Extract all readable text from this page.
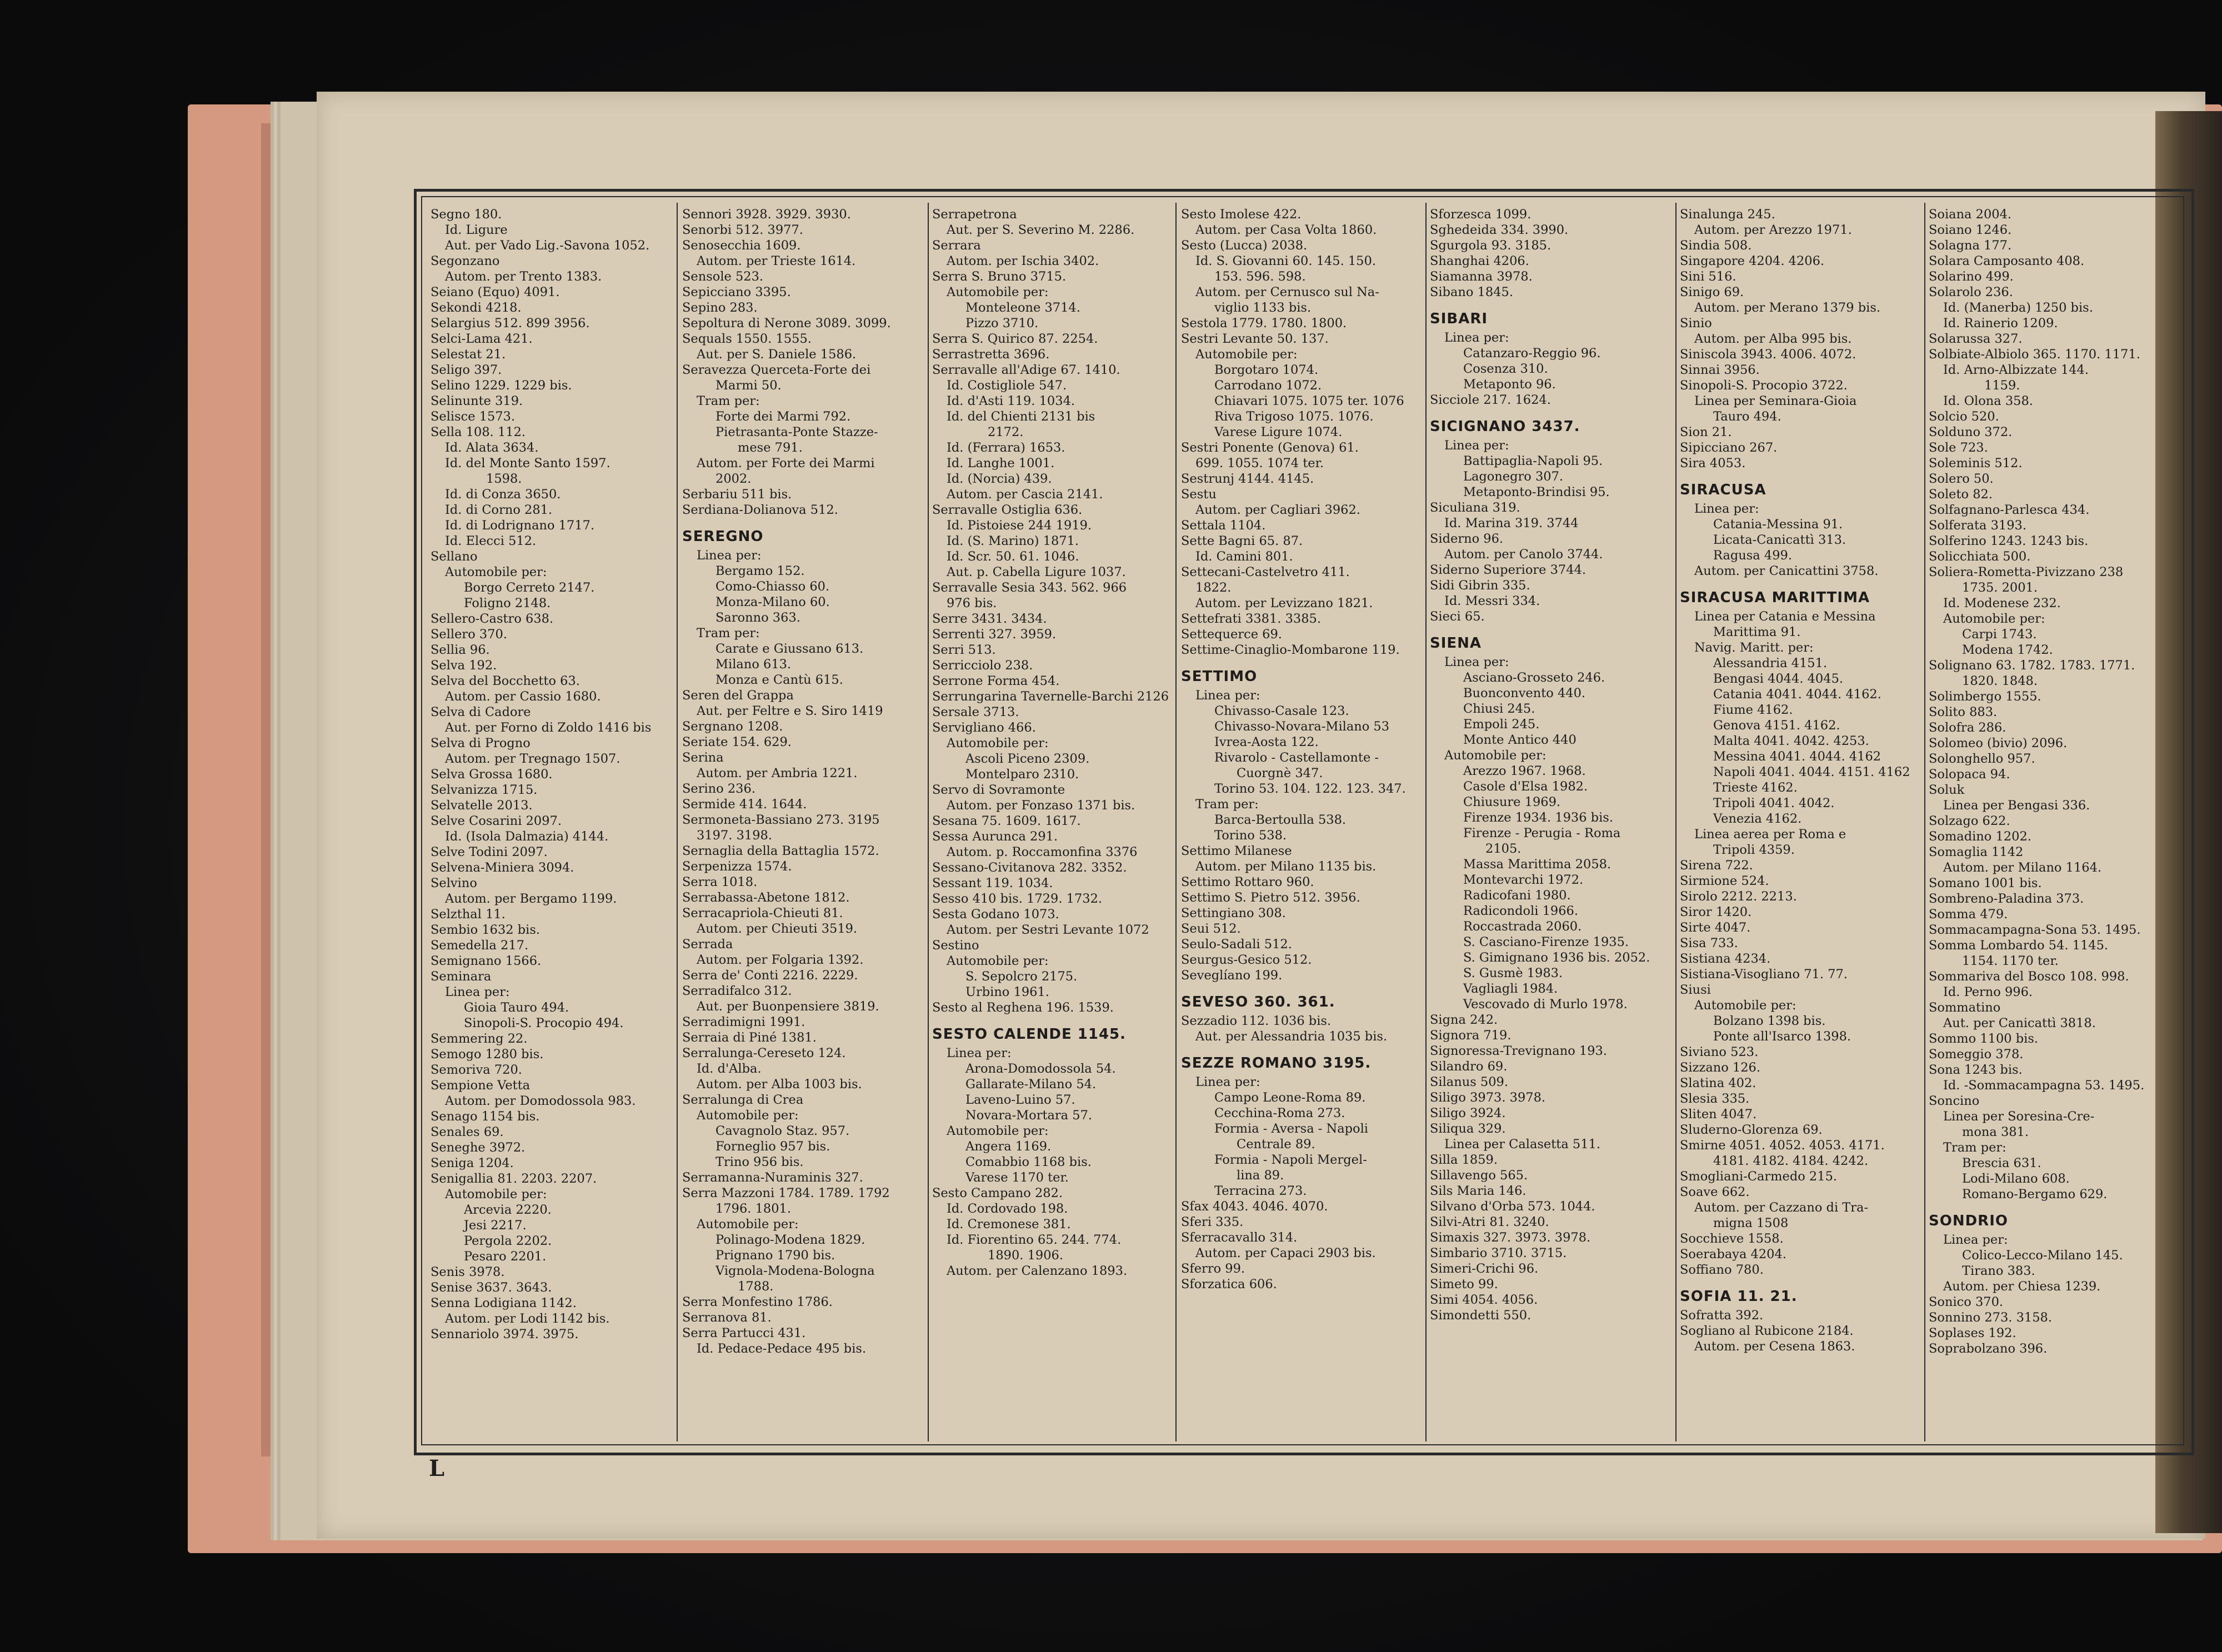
Segno 180.
Id. Ligure
Aut. per Vado Lig.-Savona 1052.
Segonzano
Autom. per Trento 1383.
Seiano (Equo) 4091.
Sekondi 4218.
Selargius 512. 899 3956.
Selci-Lama 421.
Selestat 21.
Seligo 397.
Selino 1229. 1229 bis.
Selinunte 319.
Selisce 1573.
Sella 108. 112.
Id. Alata 3634.
Id. del Monte Santo 1597.
1598.
Id. di Conza 3650.
Id. di Corno 281.
Id. di Lodrignano 1717.
Id. Elecci 512.
Sellano
Automobile per:
Borgo Cerreto 2147.
Foligno 2148.
Sellero-Castro 638.
Sellero 370.
Sellia 96.
Selva 192.
Selva del Bocchetto 63.
Autom. per Cassio 1680.
Selva di Cadore
Aut. per Forno di Zoldo 1416 bis
Selva di Progno
Autom. per Tregnago 1507.
Selva Grossa 1680.
Selvanizza 1715.
Selvatelle 2013.
Selve Cosarini 2097.
Id. (Isola Dalmazia) 4144.
Selve Todini 2097.
Selvena-Miniera 3094.
Selvino
Autom. per Bergamo 1199.
Selzthal 11.
Sembio 1632 bis.
Semedella 217.
Semignano 1566.
Seminara
Linea per:
Gioia Tauro 494.
Sinopoli-S. Procopio 494.
Semmering 22.
Semogo 1280 bis.
Semoriva 720.
Sempione Vetta
Autom. per Domodossola 983.
Senago 1154 bis.
Senales 69.
Seneghe 3972.
Seniga 1204.
Senigallia 81. 2203. 2207.
Automobile per:
Arcevia 2220.
Jesi 2217.
Pergola 2202.
Pesaro 2201.
Senis 3978.
Senise 3637. 3643.
Senna Lodigiana 1142.
Autom. per Lodi 1142 bis.
Sennariolo 3974. 3975.
Sennori 3928. 3929. 3930.
Senorbi 512. 3977.
Senosecchia 1609.
Autom. per Trieste 1614.
Sensole 523.
Sepicciano 3395.
Sepino 283.
Sepoltura di Nerone 3089. 3099.
Sequals 1550. 1555.
Aut. per S. Daniele 1586.
Seravezza Querceta-Forte dei
Marmi 50.
Tram per:
Forte dei Marmi 792.
Pietrasanta-Ponte Stazze-
mese 791.
Autom. per Forte dei Marmi
2002.
Serbariu 511 bis.
Serdiana-Dolianova 512.
SEREGNO
Linea per:
Bergamo 152.
Como-Chiasso 60.
Monza-Milano 60.
Saronno 363.
Tram per:
Carate e Giussano 613.
Milano 613.
Monza e Cantù 615.
Seren del Grappa
Aut. per Feltre e S. Siro 1419
Sergnano 1208.
Seriate 154. 629.
Serina
Autom. per Ambria 1221.
Serino 236.
Sermide 414. 1644.
Sermoneta-Bassiano 273. 3195
3197. 3198.
Sernaglia della Battaglia 1572.
Serpenizza 1574.
Serra 1018.
Serrabassa-Abetone 1812.
Serracapriola-Chieuti 81.
Autom. per Chieuti 3519.
Serrada
Autom. per Folgaria 1392.
Serra de' Conti 2216. 2229.
Serradifalco 312.
Aut. per Buonpensiere 3819.
Serradimigni 1991.
Serraia di Piné 1381.
Serralunga-Cereseto 124.
Id. d'Alba.
Autom. per Alba 1003 bis.
Serralunga di Crea
Automobile per:
Cavagnolo Staz. 957.
Forneglio 957 bis.
Trino 956 bis.
Serramanna-Nuraminis 327.
Serra Mazzoni 1784. 1789. 1792
1796. 1801.
Automobile per:
Polinago-Modena 1829.
Prignano 1790 bis.
Vignola-Modena-Bologna
1788.
Serra Monfestino 1786.
Serranova 81.
Serra Partucci 431.
Id. Pedace-Pedace 495 bis.
Serrapetrona
Aut. per S. Severino M. 2286.
Serrara
Autom. per Ischia 3402.
Serra S. Bruno 3715.
Automobile per:
Monteleone 3714.
Pizzo 3710.
Serra S. Quirico 87. 2254.
Serrastretta 3696.
Serravalle all'Adige 67. 1410.
Id. Costigliole 547.
Id. d'Asti 119. 1034.
Id. del Chienti 2131 bis
2172.
Id. (Ferrara) 1653.
Id. Langhe 1001.
Id. (Norcia) 439.
Autom. per Cascia 2141.
Serravalle Ostiglia 636.
Id. Pistoiese 244 1919.
Id. (S. Marino) 1871.
Id. Scr. 50. 61. 1046.
Aut. p. Cabella Ligure 1037.
Serravalle Sesia 343. 562. 966
976 bis.
Serre 3431. 3434.
Serrenti 327. 3959.
Serri 513.
Serricciolo 238.
Serrone Forma 454.
Serrungarina Tavernelle-Barchi 2126
Sersale 3713.
Servigliano 466.
Automobile per:
Ascoli Piceno 2309.
Montelparo 2310.
Servo di Sovramonte
Autom. per Fonzaso 1371 bis.
Sesana 75. 1609. 1617.
Sessa Aurunca 291.
Autom. p. Roccamonfina 3376
Sessano-Civitanova 282. 3352.
Sessant 119. 1034.
Sesso 410 bis. 1729. 1732.
Sesta Godano 1073.
Autom. per Sestri Levante 1072
Sestino
Automobile per:
S. Sepolcro 2175.
Urbino 1961.
Sesto al Reghena 196. 1539.
SESTO CALENDE 1145.
Linea per:
Arona-Domodossola 54.
Gallarate-Milano 54.
Laveno-Luino 57.
Novara-Mortara 57.
Automobile per:
Angera 1169.
Comabbio 1168 bis.
Varese 1170 ter.
Sesto Campano 282.
Id. Cordovado 198.
Id. Cremonese 381.
Id. Fiorentino 65. 244. 774.
1890. 1906.
Autom. per Calenzano 1893.
Sesto Imolese 422.
Autom. per Casa Volta 1860.
Sesto (Lucca) 2038.
Id. S. Giovanni 60. 145. 150.
153. 596. 598.
Autom. per Cernusco sul Na-
viglio 1133 bis.
Sestola 1779. 1780. 1800.
Sestri Levante 50. 137.
Automobile per:
Borgotaro 1074.
Carrodano 1072.
Chiavari 1075. 1075 ter. 1076
Riva Trigoso 1075. 1076.
Varese Ligure 1074.
Sestri Ponente (Genova) 61.
699. 1055. 1074 ter.
Sestrunj 4144. 4145.
Sestu
Autom. per Cagliari 3962.
Settala 1104.
Sette Bagni 65. 87.
Id. Camini 801.
Settecani-Castelvetro 411.
1822.
Autom. per Levizzano 1821.
Settefrati 3381. 3385.
Settequerce 69.
Settime-Cinaglio-Mombarone 119.
SETTIMO
Linea per:
Chivasso-Casale 123.
Chivasso-Novara-Milano 53
Ivrea-Aosta 122.
Rivarolo - Castellamonte -
Cuorgnè 347.
Torino 53. 104. 122. 123. 347.
Tram per:
Barca-Bertoulla 538.
Torino 538.
Settimo Milanese
Autom. per Milano 1135 bis.
Settimo Rottaro 960.
Settimo S. Pietro 512. 3956.
Settingiano 308.
Seui 512.
Seulo-Sadali 512.
Seurgus-Gesico 512.
Seveglíano 199.
SEVESO 360. 361.
Sezzadio 112. 1036 bis.
Aut. per Alessandria 1035 bis.
SEZZE ROMANO 3195.
Linea per:
Campo Leone-Roma 89.
Cecchina-Roma 273.
Formia - Aversa - Napoli
Centrale 89.
Formia - Napoli Mergel-
lina 89.
Terracina 273.
Sfax 4043. 4046. 4070.
Sferi 335.
Sferracavallo 314.
Autom. per Capaci 2903 bis.
Sferro 99.
Sforzatica 606.
Sforzesca 1099.
Sghedeida 334. 3990.
Sgurgola 93. 3185.
Shanghai 4206.
Siamanna 3978.
Sibano 1845.
SIBARI
Linea per:
Catanzaro-Reggio 96.
Cosenza 310.
Metaponto 96.
Sicciole 217. 1624.
SICIGNANO 3437.
Linea per:
Battipaglia-Napoli 95.
Lagonegro 307.
Metaponto-Brindisi 95.
Siculiana 319.
Id. Marina 319. 3744
Siderno 96.
Autom. per Canolo 3744.
Siderno Superiore 3744.
Sidi Gibrin 335.
Id. Messri 334.
Sieci 65.
SIENA
Linea per:
Asciano-Grosseto 246.
Buonconvento 440.
Chiusi 245.
Empoli 245.
Monte Antico 440
Automobile per:
Arezzo 1967. 1968.
Casole d'Elsa 1982.
Chiusure 1969.
Firenze 1934. 1936 bis.
Firenze - Perugia - Roma
2105.
Massa Marittima 2058.
Montevarchi 1972.
Radicofani 1980.
Radicondoli 1966.
Roccastrada 2060.
S. Casciano-Firenze 1935.
S. Gimignano 1936 bis. 2052.
S. Gusmè 1983.
Vagliagli 1984.
Vescovado di Murlo 1978.
Signa 242.
Signora 719.
Signoressa-Trevignano 193.
Silandro 69.
Silanus 509.
Siligo 3973. 3978.
Siligo 3924.
Siliqua 329.
Linea per Calasetta 511.
Silla 1859.
Sillavengo 565.
Sils Maria 146.
Silvano d'Orba 573. 1044.
Silvi-Atri 81. 3240.
Simaxis 327. 3973. 3978.
Simbario 3710. 3715.
Simeri-Crichi 96.
Simeto 99.
Simi 4054. 4056.
Simondetti 550.
Sinalunga 245.
Autom. per Arezzo 1971.
Sindia 508.
Singapore 4204. 4206.
Sini 516.
Sinigo 69.
Autom. per Merano 1379 bis.
Sinio
Autom. per Alba 995 bis.
Siniscola 3943. 4006. 4072.
Sinnai 3956.
Sinopoli-S. Procopio 3722.
Linea per Seminara-Gioia
Tauro 494.
Sion 21.
Sipicciano 267.
Sira 4053.
SIRACUSA
Linea per:
Catania-Messina 91.
Licata-Canicattì 313.
Ragusa 499.
Autom. per Canicattini 3758.
SIRACUSA MARITTIMA
Linea per Catania e Messina
Marittima 91.
Navig. Maritt. per:
Alessandria 4151.
Bengasi 4044. 4045.
Catania 4041. 4044. 4162.
Fiume 4162.
Genova 4151. 4162.
Malta 4041. 4042. 4253.
Messina 4041. 4044. 4162
Napoli 4041. 4044. 4151. 4162
Trieste 4162.
Tripoli 4041. 4042.
Venezia 4162.
Linea aerea per Roma e
Tripoli 4359.
Sirena 722.
Sirmione 524.
Sirolo 2212. 2213.
Siror 1420.
Sirte 4047.
Sisa 733.
Sistiana 4234.
Sistiana-Visogliano 71. 77.
Siusi
Automobile per:
Bolzano 1398 bis.
Ponte all'Isarco 1398.
Siviano 523.
Sizzano 126.
Slatina 402.
Slesia 335.
Sliten 4047.
Sluderno-Glorenza 69.
Smirne 4051. 4052. 4053. 4171.
4181. 4182. 4184. 4242.
Smogliani-Carmedo 215.
Soave 662.
Autom. per Cazzano di Tra-
migna 1508
Socchieve 1558.
Soerabaya 4204.
Soffiano 780.
SOFIA 11. 21.
Sofratta 392.
Sogliano al Rubicone 2184.
Autom. per Cesena 1863.
Soiana 2004.
Soiano 1246.
Solagna 177.
Solara Camposanto 408.
Solarino 499.
Solarolo 236.
Id. (Manerba) 1250 bis.
Id. Rainerio 1209.
Solarussa 327.
Solbiate-Albiolo 365. 1170. 1171.
Id. Arno-Albizzate 144.
1159.
Id. Olona 358.
Solcio 520.
Solduno 372.
Sole 723.
Soleminis 512.
Solero 50.
Soleto 82.
Solfagnano-Parlesca 434.
Solferata 3193.
Solferino 1243. 1243 bis.
Solicchiata 500.
Soliera-Rometta-Pivizzano 238
1735. 2001.
Id. Modenese 232.
Automobile per:
Carpi 1743.
Modena 1742.
Solignano 63. 1782. 1783. 1771.
1820. 1848.
Solimbergo 1555.
Solito 883.
Solofra 286.
Solomeo (bivio) 2096.
Solonghello 957.
Solopaca 94.
Soluk
Linea per Bengasi 336.
Solzago 622.
Somadino 1202.
Somaglia 1142
Autom. per Milano 1164.
Somano 1001 bis.
Sombreno-Paladina 373.
Somma 479.
Sommacampagna-Sona 53. 1495.
Somma Lombardo 54. 1145.
1154. 1170 ter.
Sommariva del Bosco 108. 998.
Id. Perno 996.
Sommatino
Aut. per Canicattì 3818.
Sommo 1100 bis.
Someggio 378.
Sona 1243 bis.
Id. -Sommacampagna 53. 1495.
Soncino
Linea per Soresina-Cre-
mona 381.
Tram per:
Brescia 631.
Lodi-Milano 608.
Romano-Bergamo 629.
SONDRIO
Linea per:
Colico-Lecco-Milano 145.
Tirano 383.
Autom. per Chiesa 1239.
Sonico 370.
Sonnino 273. 3158.
Soplases 192.
Soprabolzano 396.
L
